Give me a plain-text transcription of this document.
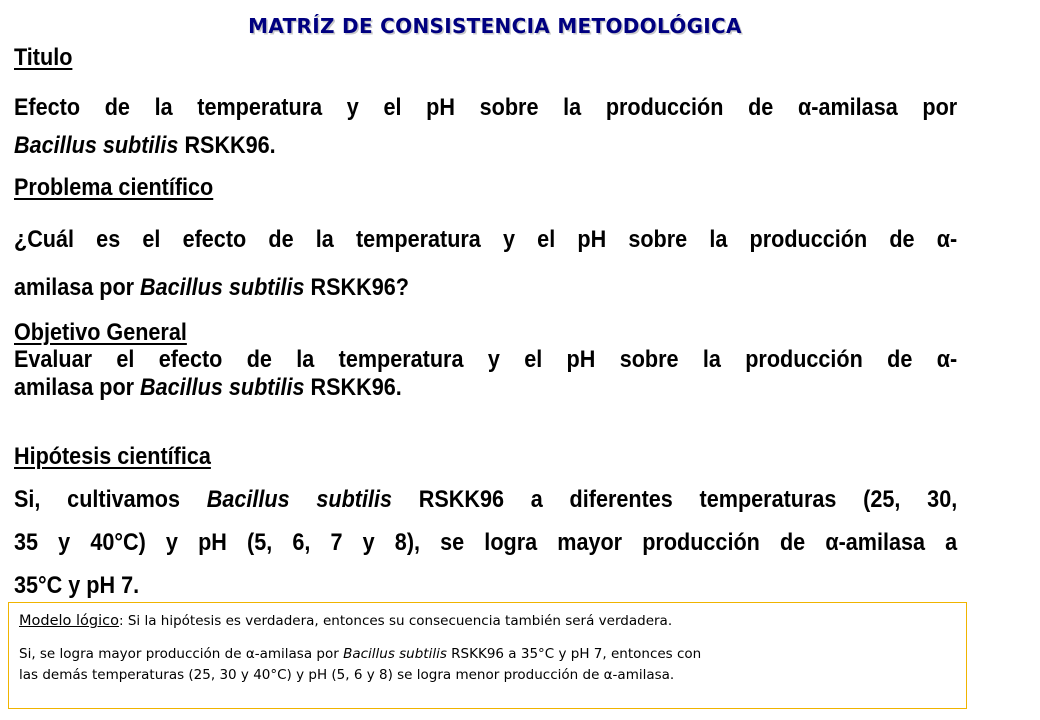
MATRÍZ DE CONSISTENCIA METODOLÓGICA
Titulo
Efecto de la temperatura y el pH sobre la producción de α-amilasa por
Bacillus subtilis RSKK96.
Problema científico
¿Cuál es el efecto de la temperatura y el pH sobre la producción de α-
amilasa por Bacillus subtilis RSKK96?
Objetivo General
Evaluar el efecto de la temperatura y el pH sobre la producción de α-
amilasa por Bacillus subtilis RSKK96.
Hipótesis científica
Si, cultivamos Bacillus subtilis RSKK96 a diferentes temperaturas (25, 30,
35 y 40°C) y pH (5, 6, 7 y 8), se logra mayor producción de α-amilasa a
35°C y pH 7.
Modelo lógico: Si la hipótesis es verdadera, entonces su consecuencia también será verdadera.
Si, se logra mayor producción de α-amilasa por Bacillus subtilis RSKK96 a 35°C y pH 7, entonces con
las demás temperaturas (25, 30 y 40°C) y pH (5, 6 y 8) se logra menor producción de α-amilasa.
